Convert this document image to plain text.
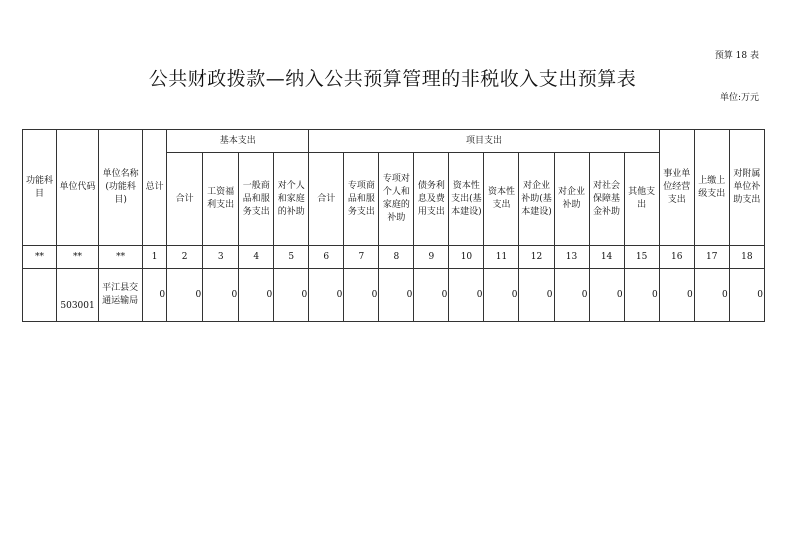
预算 18 表
公共财政拨款—纳入公共预算管理的非税收入支出预算表
单位:万元
功能科目	单位代码	单位名称(功能科目)	总计	基本支出				项目支出										事业单位经营支出	上缴上级支出	对附属单位补助支出
				合计	工资福利支出	一般商品和服务支出	对个人和家庭的补助	合计	专项商品和服务支出	专项对个人和家庭的补助	债务利息及费用支出	资本性支出(基本建设)	资本性支出	对企业补助(基本建设)	对企业补助	对社会保障基金补助	其他支出			
**	**	**	1	2	3	4	5	6	7	8	9	10	11	12	13	14	15	16	17	18
	503001	平江县交通运输局	0	0	0	0	0	0	0	0	0	0	0	0	0	0	0	0	0	0
